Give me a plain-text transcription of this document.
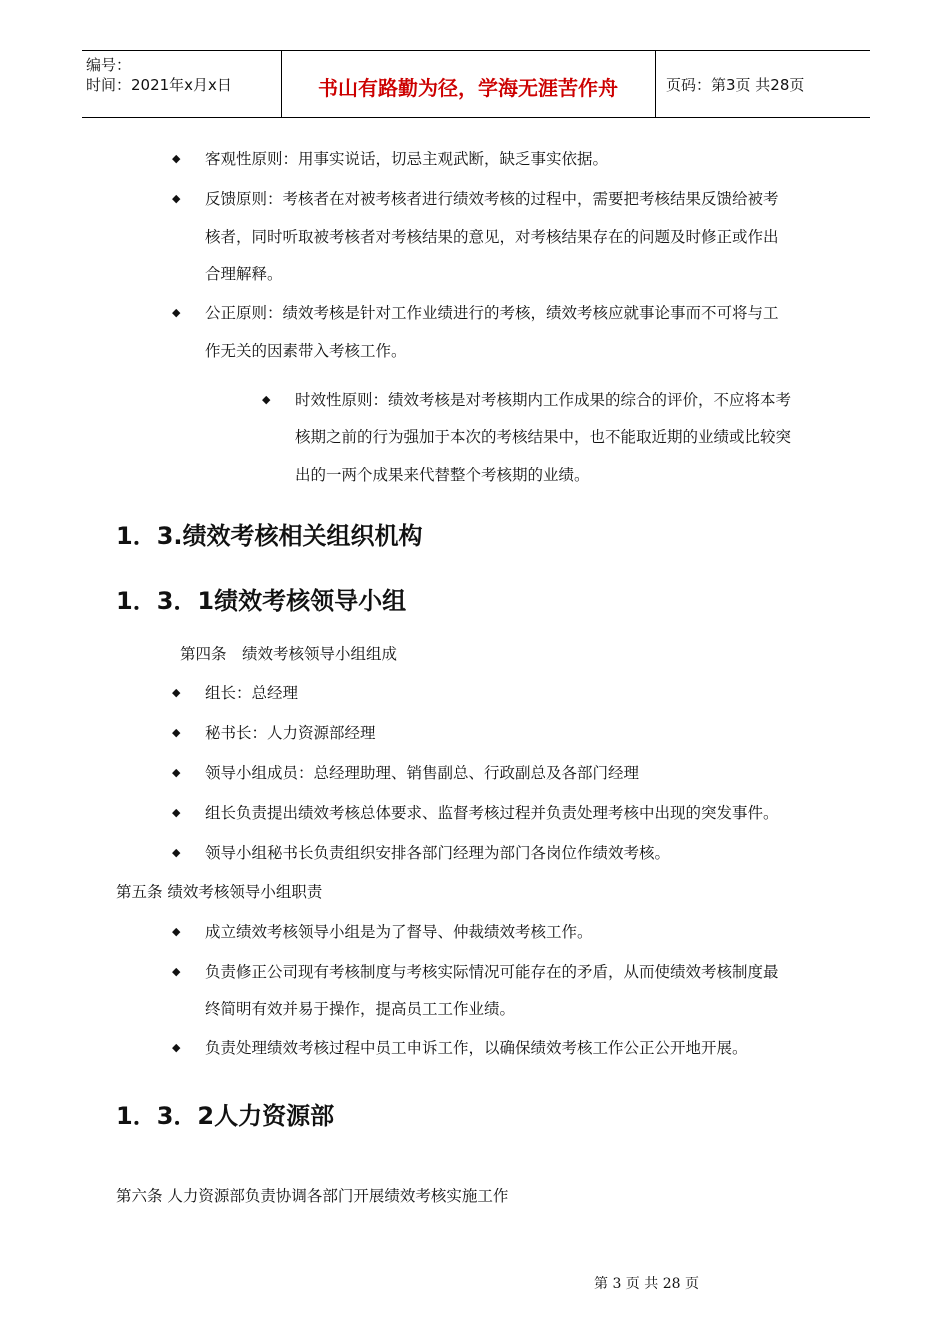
编号：
时间：2021年x月x日	书山有路勤为径，学海无涯苦作舟	页码：第3页 共28页
◆ 客观性原则：用事实说话，切忌主观武断，缺乏事实依据。
◆ 反馈原则：考核者在对被考核者进行绩效考核的过程中，需要把考核结果反馈给被考
核者，同时听取被考核者对考核结果的意见，对考核结果存在的问题及时修正或作出
合理解释。
◆ 公正原则：绩效考核是针对工作业绩进行的考核，绩效考核应就事论事而不可将与工
作无关的因素带入考核工作。
◆ 时效性原则：绩效考核是对考核期内工作成果的综合的评价，不应将本考
核期之前的行为强加于本次的考核结果中，也不能取近期的业绩或比较突
出的一两个成果来代替整个考核期的业绩。
1．3.绩效考核相关组织机构
1．3．1绩效考核领导小组
第四条　绩效考核领导小组组成
◆ 组长：总经理
◆ 秘书长：人力资源部经理
◆ 领导小组成员：总经理助理、销售副总、行政副总及各部门经理
◆ 组长负责提出绩效考核总体要求、监督考核过程并负责处理考核中出现的突发事件。
◆ 领导小组秘书长负责组织安排各部门经理为部门各岗位作绩效考核。
第五条 绩效考核领导小组职责
◆ 成立绩效考核领导小组是为了督导、仲裁绩效考核工作。
◆ 负责修正公司现有考核制度与考核实际情况可能存在的矛盾，从而使绩效考核制度最
终简明有效并易于操作，提高员工工作业绩。
◆ 负责处理绩效考核过程中员工申诉工作，以确保绩效考核工作公正公开地开展。
1．3．2人力资源部
第六条 人力资源部负责协调各部门开展绩效考核实施工作
第 3 页 共 28 页
